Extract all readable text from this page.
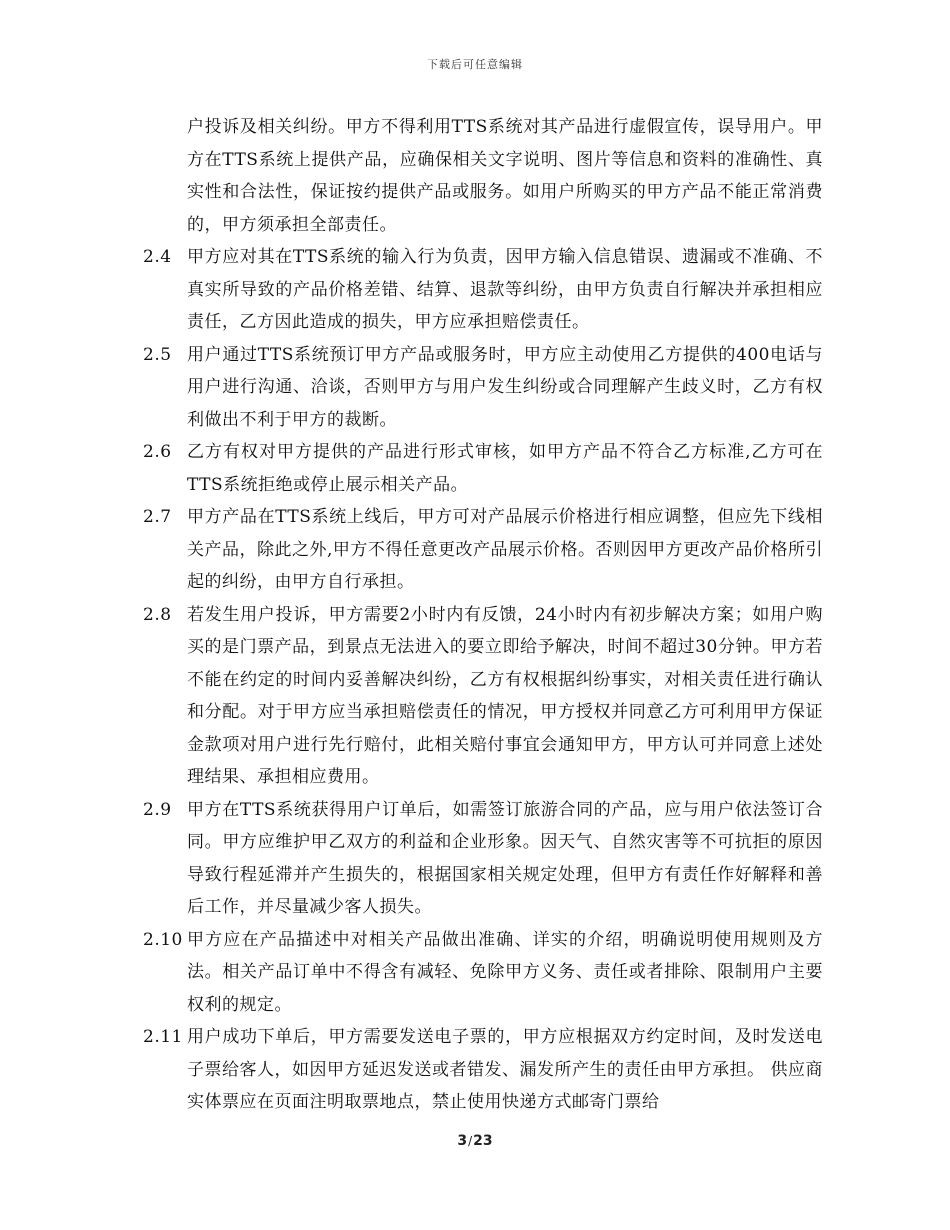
下载后可任意编辑
户投诉及相关纠纷。甲方不得利用TTS系统对其产品进行虚假宣传，误导用户。甲方在TTS系统上提供产品，应确保相关文字说明、图片等信息和资料的准确性、真实性和合法性，保证按约提供产品或服务。如用户所购买的甲方产品不能正常消费的，甲方须承担全部责任。
2.4 甲方应对其在TTS系统的输入行为负责，因甲方输入信息错误、遗漏或不准确、不真实所导致的产品价格差错、结算、退款等纠纷，由甲方负责自行解决并承担相应责任，乙方因此造成的损失，甲方应承担赔偿责任。
2.5 用户通过TTS系统预订甲方产品或服务时，甲方应主动使用乙方提供的400电话与用户进行沟通、洽谈，否则甲方与用户发生纠纷或合同理解产生歧义时，乙方有权利做出不利于甲方的裁断。
2.6 乙方有权对甲方提供的产品进行形式审核，如甲方产品不符合乙方标准,乙方可在TTS系统拒绝或停止展示相关产品。
2.7 甲方产品在TTS系统上线后，甲方可对产品展示价格进行相应调整，但应先下线相关产品，除此之外,甲方不得任意更改产品展示价格。否则因甲方更改产品价格所引起的纠纷，由甲方自行承担。
2.8 若发生用户投诉，甲方需要2小时内有反馈，24小时内有初步解决方案；如用户购买的是门票产品，到景点无法进入的要立即给予解决，时间不超过30分钟。甲方若不能在约定的时间内妥善解决纠纷，乙方有权根据纠纷事实，对相关责任进行确认和分配。对于甲方应当承担赔偿责任的情况，甲方授权并同意乙方可利用甲方保证金款项对用户进行先行赔付，此相关赔付事宜会通知甲方，甲方认可并同意上述处理结果、承担相应费用。
2.9 甲方在TTS系统获得用户订单后，如需签订旅游合同的产品，应与用户依法签订合同。甲方应维护甲乙双方的利益和企业形象。因天气、自然灾害等不可抗拒的原因导致行程延滞并产生损失的，根据国家相关规定处理，但甲方有责任作好解释和善后工作，并尽量减少客人损失。
2.10 甲方应在产品描述中对相关产品做出准确、详实的介绍，明确说明使用规则及方法。相关产品订单中不得含有减轻、免除甲方义务、责任或者排除、限制用户主要权利的规定。
2.11 用户成功下单后，甲方需要发送电子票的，甲方应根据双方约定时间，及时发送电子票给客人，如因甲方延迟发送或者错发、漏发所产生的责任由甲方承担。 供应商实体票应在页面注明取票地点，禁止使用快递方式邮寄门票给
3/23
